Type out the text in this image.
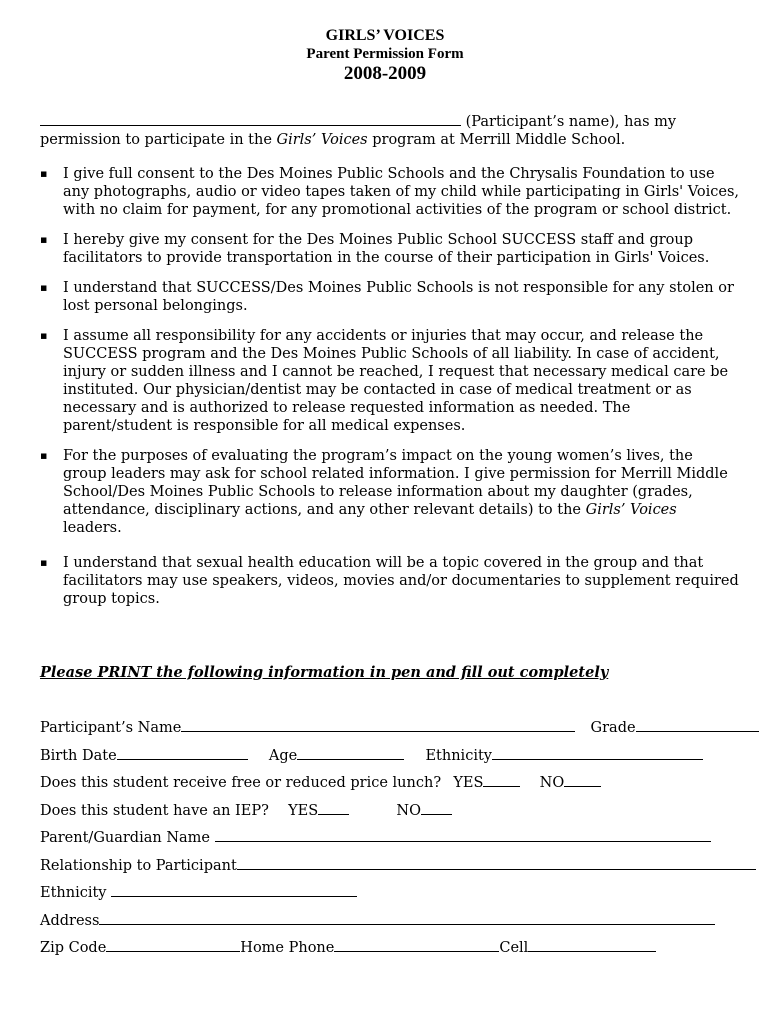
GIRLS’ VOICES
Parent Permission Form
2008-2009
(Participant’s name), has my
permission to participate in the Girls’ Voices program at Merrill Middle School.
▪ I give full consent to the Des Moines Public Schools and the Chrysalis Foundation to use any photographs, audio or video tapes taken of my child while participating in Girls' Voices, with no claim for payment, for any promotional activities of the program or school district.
▪ I hereby give my consent for the Des Moines Public School SUCCESS staff and group facilitators to provide transportation in the course of their participation in Girls' Voices.
▪ I understand that SUCCESS/Des Moines Public Schools is not responsible for any stolen or lost personal belongings.
▪ I assume all responsibility for any accidents or injuries that may occur, and release the SUCCESS program and the Des Moines Public Schools of all liability. In case of accident, injury or sudden illness and I cannot be reached, I request that necessary medical care be instituted. Our physician/dentist may be contacted in case of medical treatment or as necessary and is authorized to release requested information as needed. The parent/student is responsible for all medical expenses.
▪ For the purposes of evaluating the program’s impact on the young women’s lives, the group leaders may ask for school related information. I give permission for Merrill Middle School/Des Moines Public Schools to release information about my daughter (grades, attendance, disciplinary actions, and any other relevant details) to the Girls’ Voices leaders.
▪ I understand that sexual health education will be a topic covered in the group and that facilitators may use speakers, videos, movies and/or documentaries to supplement required group topics.
Please PRINT the following information in pen and fill out completely
Participant’s Name	Grade
Birth Date	Age	Ethnicity
Does this student receive free or reduced price lunch? YES	NO
Does this student have an IEP? YES	NO
Parent/Guardian Name
Relationship to Participant
Ethnicity
Address
Zip Code	Home Phone	Cell
